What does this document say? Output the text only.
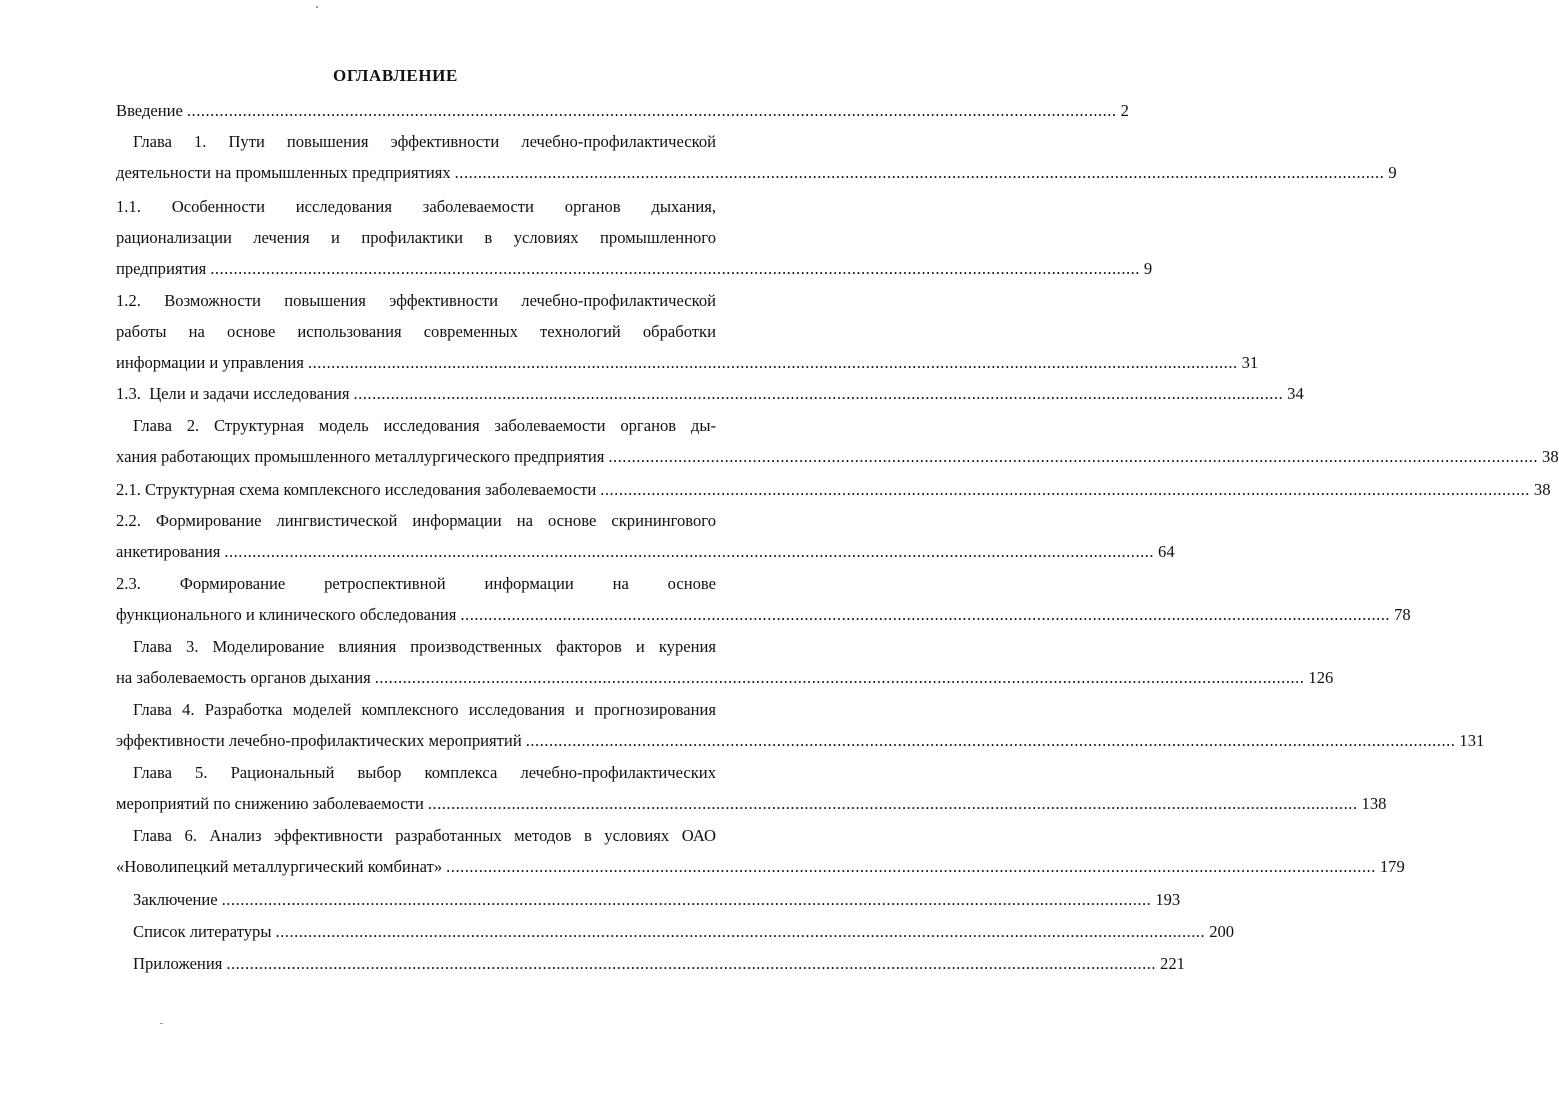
ОГЛАВЛЕНИЕ
Введение ........................................................................................................................................................................................................ 2
Глава 1. Пути повышения эффективности лечебно-профилактической
деятельности на промышленных предприятиях ........................................................................................................................................................................................................ 9
1.1. Особенности исследования заболеваемости органов дыхания,
рационализации лечения и профилактики в условиях промышленного
предприятия ........................................................................................................................................................................................................ 9
1.2. Возможности повышения эффективности лечебно-профилактической
работы на основе использования современных технологий обработки
информации и управления ........................................................................................................................................................................................................ 31
1.3.  Цели и задачи исследования ........................................................................................................................................................................................................ 34
Глава 2. Структурная модель исследования заболеваемости органов ды-
хания работающих промышленного металлургического предприятия ........................................................................................................................................................................................................ 38
2.1. Структурная схема комплексного исследования заболеваемости ........................................................................................................................................................................................................ 38
2.2. Формирование лингвистической информации на основе скринингового
анкетирования ........................................................................................................................................................................................................ 64
2.3. Формирование ретроспективной информации на основе
функционального и клинического обследования ........................................................................................................................................................................................................ 78
Глава 3. Моделирование влияния производственных факторов и курения
на заболеваемость органов дыхания ........................................................................................................................................................................................................ 126
Глава 4. Разработка моделей комплексного исследования и прогнозирования
эффективности лечебно-профилактических мероприятий ........................................................................................................................................................................................................ 131
Глава 5. Рациональный выбор комплекса лечебно-профилактических
мероприятий по снижению заболеваемости ........................................................................................................................................................................................................ 138
Глава 6. Анализ эффективности разработанных методов в условиях ОАО
«Новолипецкий металлургический комбинат» ........................................................................................................................................................................................................ 179
Заключение ........................................................................................................................................................................................................ 193
Список литературы ........................................................................................................................................................................................................ 200
Приложения ........................................................................................................................................................................................................ 221
